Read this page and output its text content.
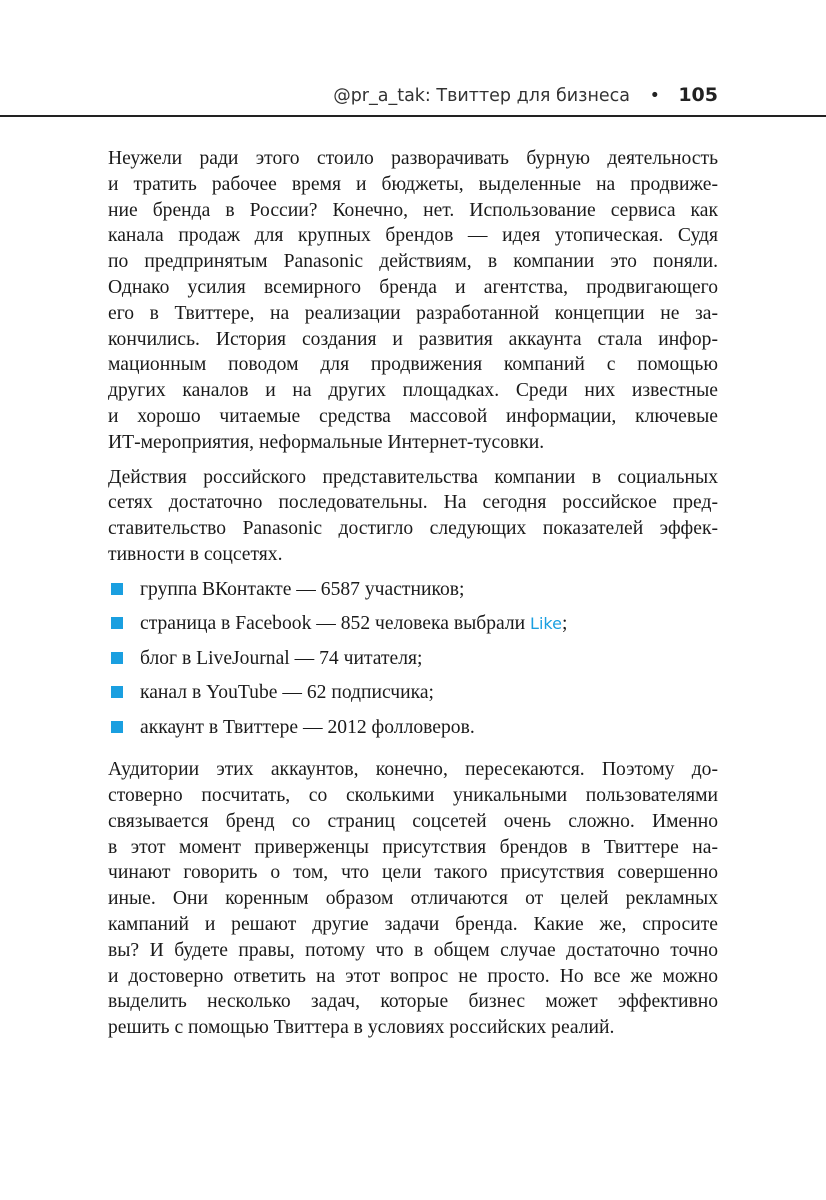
@pr_a_tak: Твиттер для бизнеса • 105
Неужели ради этого стоило разворачивать бурную деятельность
и тратить рабочее время и бюджеты, выделенные на продвиже-
ние бренда в России? Конечно, нет. Использование сервиса как
канала продаж для крупных брендов — идея утопическая. Судя
по предпринятым Panasonic действиям, в компании это поняли.
Однако усилия всемирного бренда и агентства, продвигающего
его в Твиттере, на реализации разработанной концепции не за-
кончились. История создания и развития аккаунта стала инфор-
мационным поводом для продвижения компаний с помощью
других каналов и на других площадках. Среди них известные
и хорошо читаемые средства массовой информации, ключевые
ИТ-мероприятия, неформальные Интернет-тусовки.
Действия российского представительства компании в социальных
сетях достаточно последовательны. На сегодня российское пред-
ставительство Panasonic достигло следующих показателей эффек-
тивности в соцсетях.
группа ВКонтакте — 6587 участников;
страница в Facebook — 852 человека выбрали Like;
блог в LiveJournal — 74 читателя;
канал в YouTube — 62 подписчика;
аккаунт в Твиттере — 2012 фолловеров.
Аудитории этих аккаунтов, конечно, пересекаются. Поэтому до-
стоверно посчитать, со сколькими уникальными пользователями
связывается бренд со страниц соцсетей очень сложно. Именно
в этот момент приверженцы присутствия брендов в Твиттере на-
чинают говорить о том, что цели такого присутствия совершенно
иные. Они коренным образом отличаются от целей рекламных
кампаний и решают другие задачи бренда. Какие же, спросите
вы? И будете правы, потому что в общем случае достаточно точно
и достоверно ответить на этот вопрос не просто. Но все же можно
выделить несколько задач, которые бизнес может эффективно
решить с помощью Твиттера в условиях российских реалий.
